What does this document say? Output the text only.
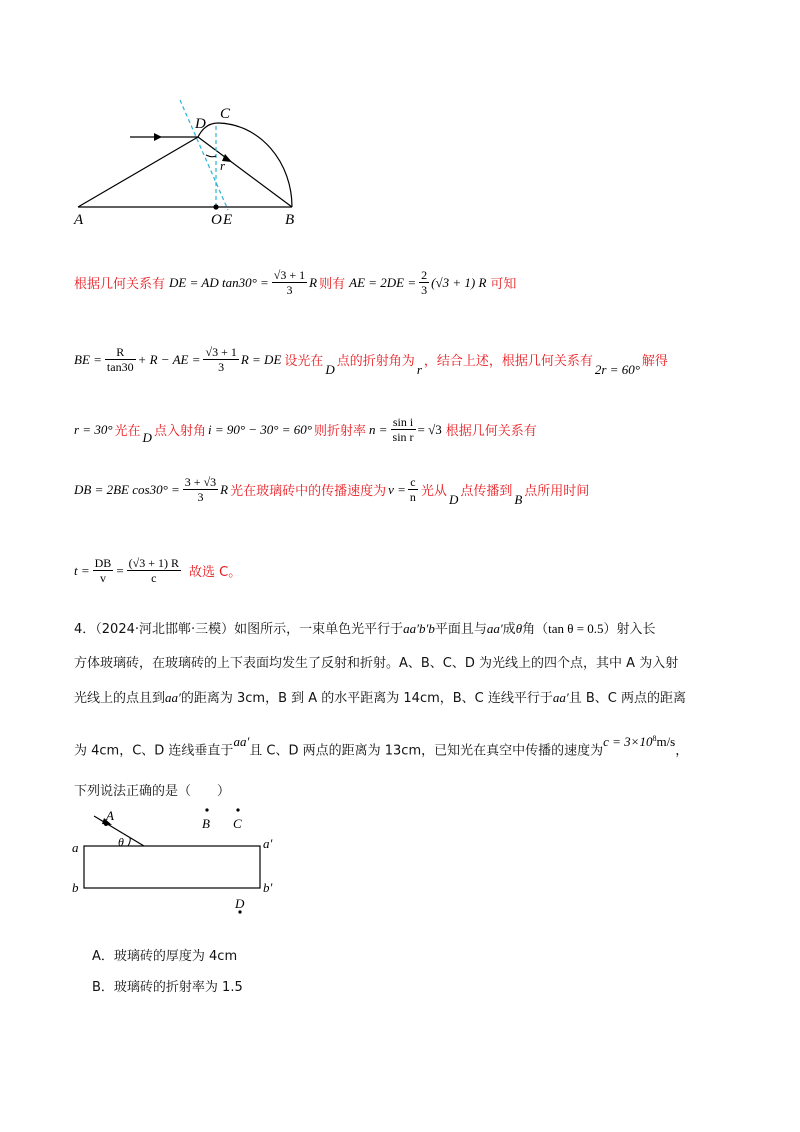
A	B
C
D
O E
r
根据几何关系有 DE = AD $\tan 30^\circ = \frac{√3 + 1}{3}$ R 则有 AE = $2DE = \frac{2}{3} (√3 + 1)$ R 可知
BE = $\frac{R}{\tan 30} + R$ − AE = $\frac{√3 + 1}{3}$ R = DE 设光在 D 点的折射角为 r ，结合上述，根据几何关系有 2r = 60° 解得
r = 30° 光在 D 点入射角 i = 90° − 30° = 60° 则折射率 $n = \frac{\text{sin i}}{\text{sin r}} = √3$ 根据几何关系有
DB = 2BE $\cos 30^\circ = \frac{3 + √3}{3}$ R 光在玻璃砖中的传播速度为 $v = \frac{c}{n}$ 光从 D 点传播到 B 点所用时间
$t = \frac{DB}{v} = \frac{(√3 + 1) R}{c}$ 故选 C。
4．（2024·河北邯郸·三模）如图所示，一束单色光平行于aa′b′b平面且与aa′成θ角（tan θ = 0.5）射入长
方体玻璃砖，在玻璃砖的上下表面均发生了反射和折射。A、B、C、D 为光线上的四个点，其中 A 为入射
光线上的点且到aa′的距离为 3cm，B 到 A 的水平距离为 14cm，B、C 连线平行于aa′且 B、C 两点的距离
为 4cm，C、D 连线垂直于aa′且 C、D 两点的距离为 13cm，已知光在真空中传播的速度为$c = 3\times 10^8m/s$，
下列说法正确的是（　　）
A
B C
D
a	a′
b	b′
θ
A．玻璃砖的厚度为 4cm
B．玻璃砖的折射率为 1.5
